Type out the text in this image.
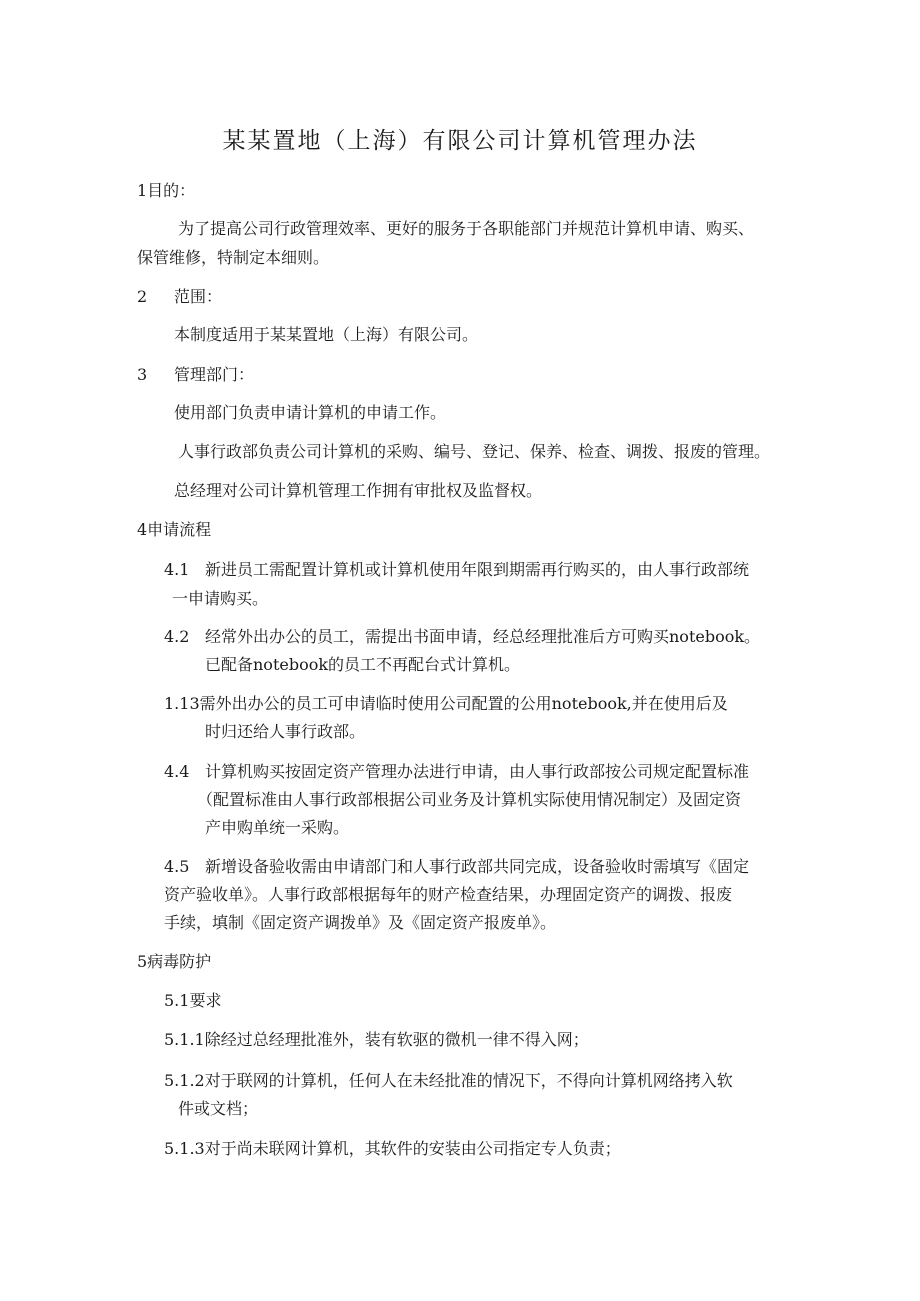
某某置地（上海）有限公司计算机管理办法
1目的：
为了提高公司行政管理效率、更好的服务于各职能部门并规范计算机申请、购买、
保管维修，特制定本细则。
2 范围：
本制度适用于某某置地（上海）有限公司。
3 管理部门：
使用部门负责申请计算机的申请工作。
人事行政部负责公司计算机的采购、编号、登记、保养、检查、调拨、报废的管理。
总经理对公司计算机管理工作拥有审批权及监督权。
4申请流程
4.1 新进员工需配置计算机或计算机使用年限到期需再行购买的，由人事行政部统
一申请购买。
4.2 经常外出办公的员工，需提出书面申请，经总经理批准后方可购买notebook。
已配备notebook的员工不再配台式计算机。
1.13需外出办公的员工可申请临时使用公司配置的公用notebook,并在使用后及
时归还给人事行政部。
4.4 计算机购买按固定资产管理办法进行申请，由人事行政部按公司规定配置标准
（配置标准由人事行政部根据公司业务及计算机实际使用情况制定）及固定资
产申购单统一采购。
4.5 新增设备验收需由申请部门和人事行政部共同完成，设备验收时需填写《固定
资产验收单》。人事行政部根据每年的财产检查结果，办理固定资产的调拨、报废
手续，填制《固定资产调拨单》及《固定资产报废单》。
5病毒防护
5.1要求
5.1.1除经过总经理批准外，装有软驱的微机一律不得入网；
5.1.2对于联网的计算机，任何人在未经批准的情况下，不得向计算机网络拷入软
件或文档；
5.1.3对于尚未联网计算机，其软件的安装由公司指定专人负责；
